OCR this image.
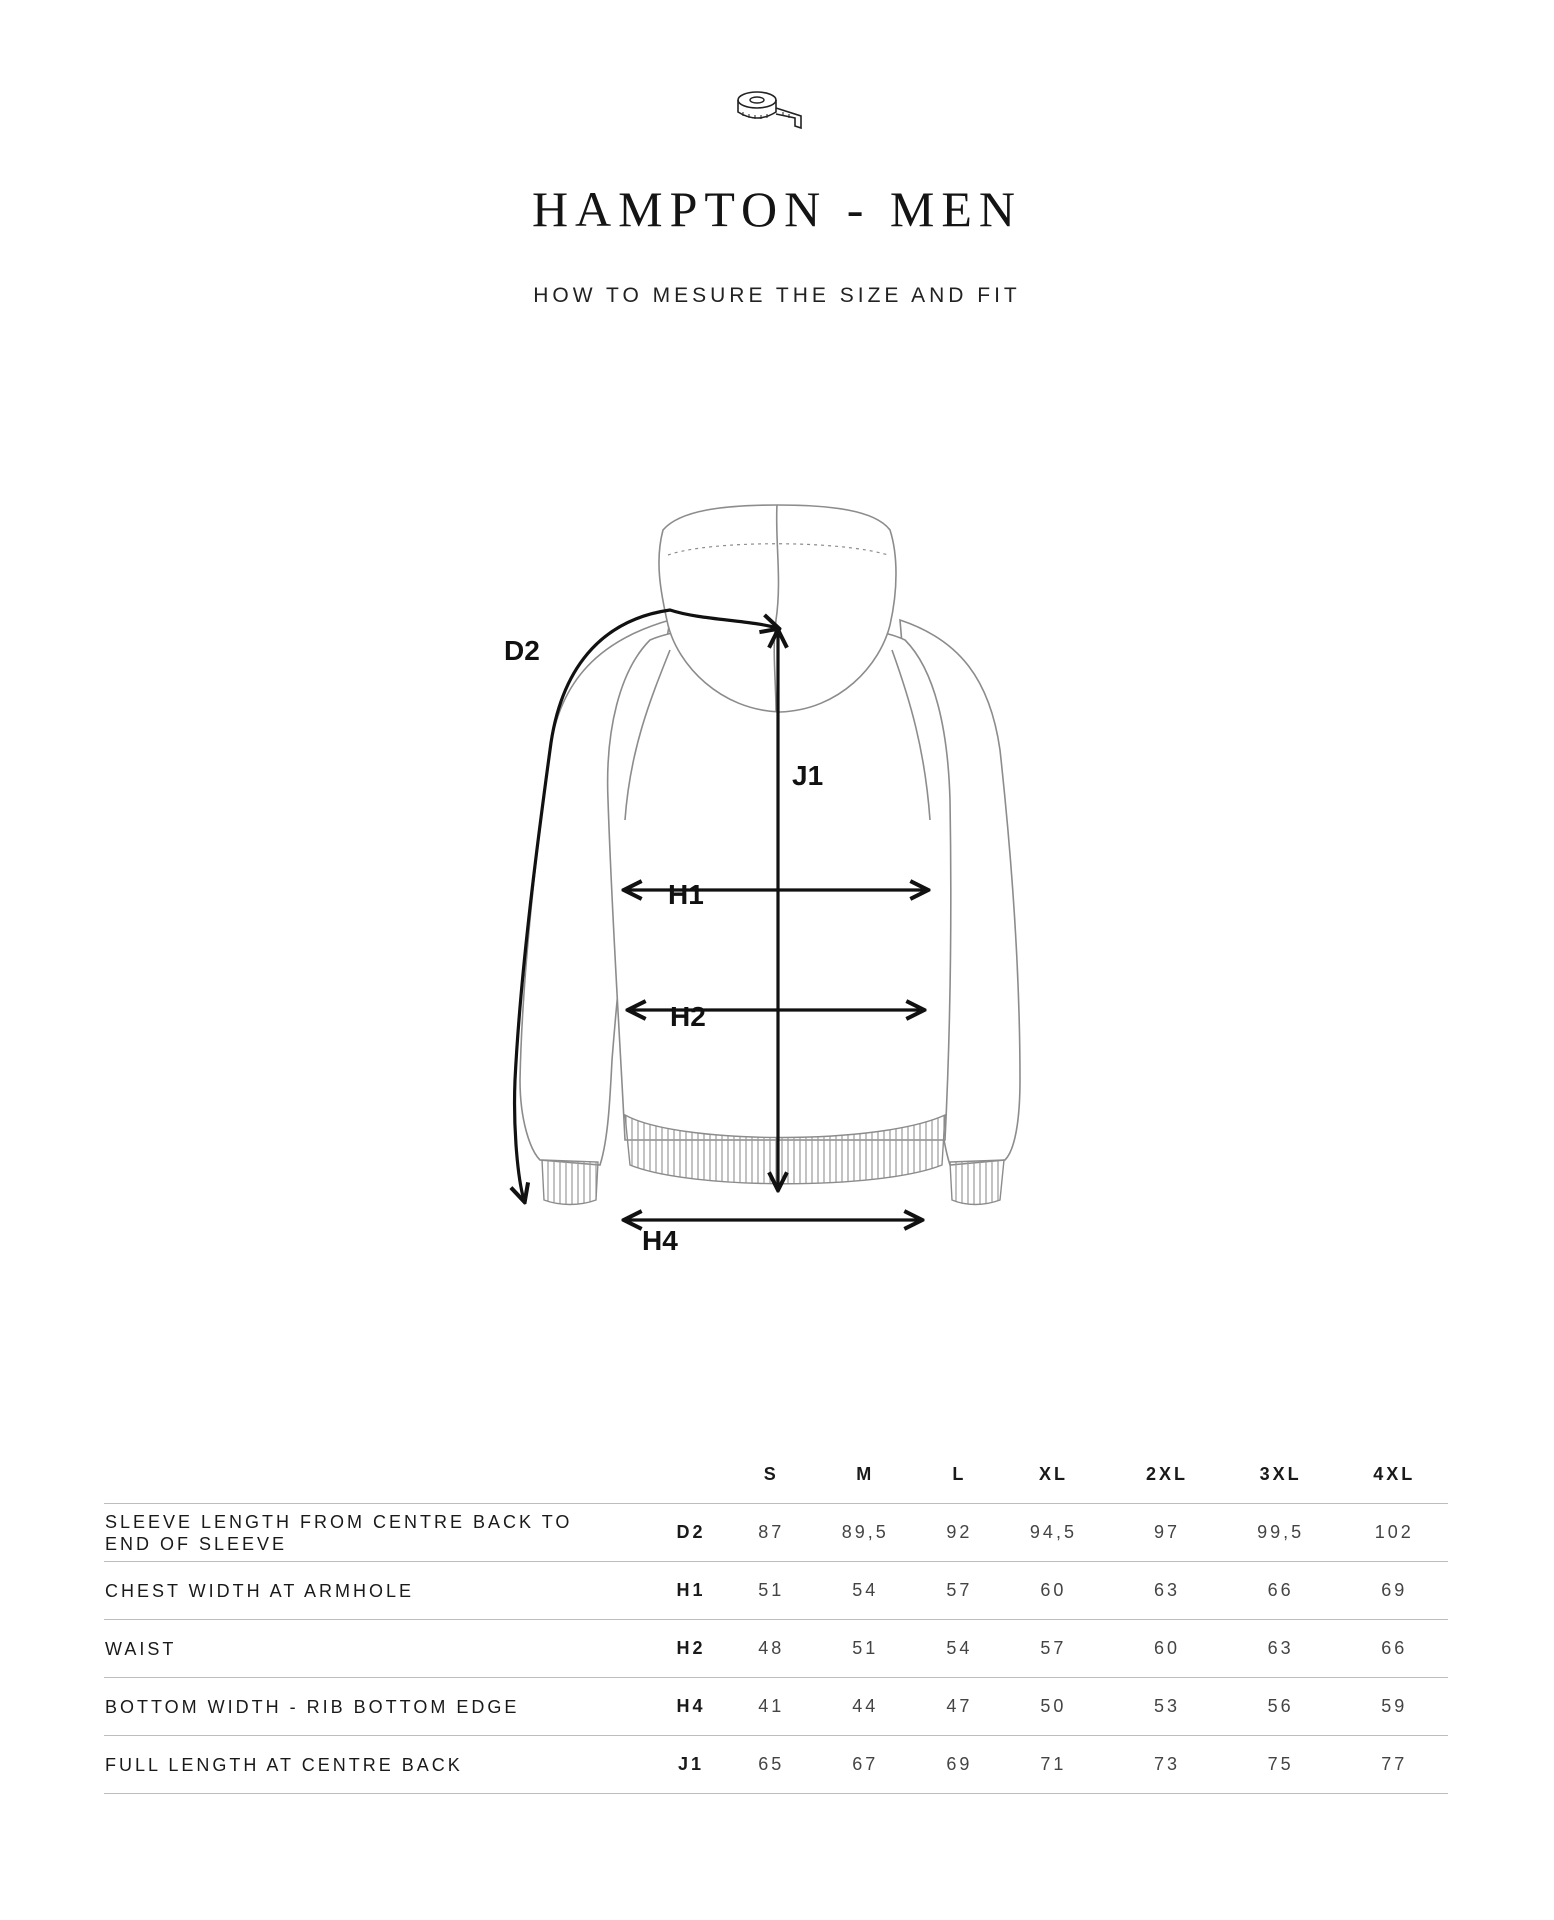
HAMPTON - MEN
HOW TO MESURE THE SIZE AND FIT
D2
J1
H1
H2
H4
		S	M	L	XL	2XL	3XL	4XL
SLEEVE LENGTH FROM CENTRE BACK TO END OF SLEEVE	D2	87	89,5	92	94,5	97	99,5	102
CHEST WIDTH AT ARMHOLE	H1	51	54	57	60	63	66	69
WAIST	H2	48	51	54	57	60	63	66
BOTTOM WIDTH - RIB BOTTOM EDGE	H4	41	44	47	50	53	56	59
FULL LENGTH AT CENTRE BACK	J1	65	67	69	71	73	75	77
